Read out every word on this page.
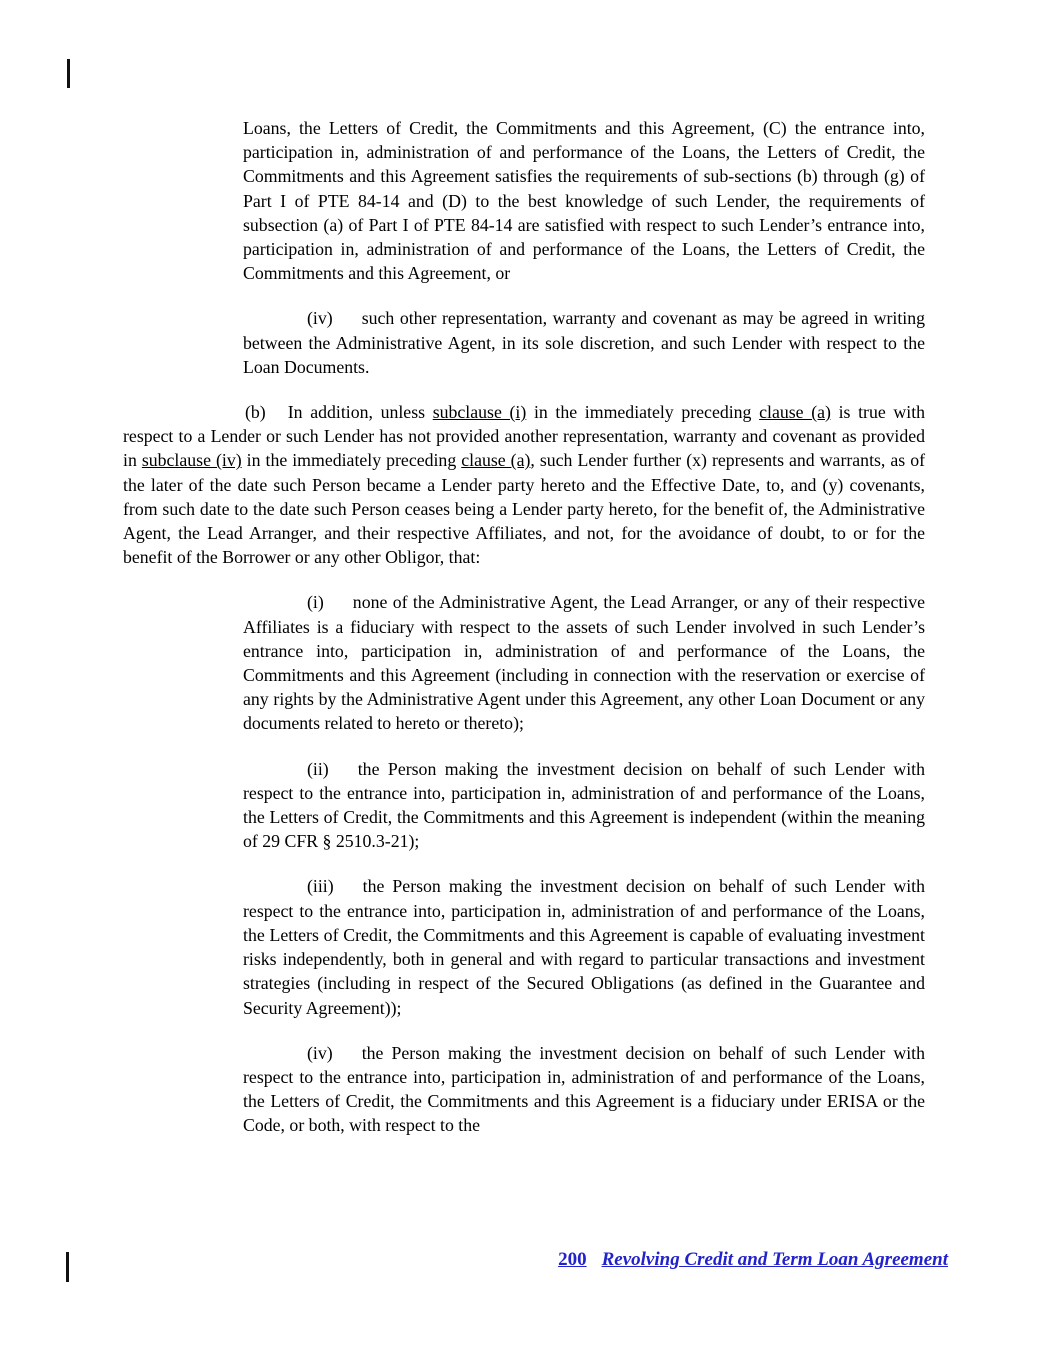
Loans, the Letters of Credit, the Commitments and this Agreement, (C) the entrance into, participation in, administration of and performance of the Loans, the Letters of Credit, the Commitments and this Agreement satisfies the requirements of sub-sections (b) through (g) of Part I of PTE 84-14 and (D) to the best knowledge of such Lender, the requirements of subsection (a) of Part I of PTE 84-14 are satisfied with respect to such Lender’s entrance into, participation in, administration of and performance of the Loans, the Letters of Credit, the Commitments and this Agreement, or

(iv) such other representation, warranty and covenant as may be agreed in writing between the Administrative Agent, in its sole discretion, and such Lender with respect to the Loan Documents.

(b) In addition, unless subclause (i) in the immediately preceding clause (a) is true with respect to a Lender or such Lender has not provided another representation, warranty and covenant as provided in subclause (iv) in the immediately preceding clause (a), such Lender further (x) represents and warrants, as of the later of the date such Person became a Lender party hereto and the Effective Date, to, and (y) covenants, from such date to the date such Person ceases being a Lender party hereto, for the benefit of, the Administrative Agent, the Lead Arranger, and their respective Affiliates, and not, for the avoidance of doubt, to or for the benefit of the Borrower or any other Obligor, that:

(i) none of the Administrative Agent, the Lead Arranger, or any of their respective Affiliates is a fiduciary with respect to the assets of such Lender involved in such Lender’s entrance into, participation in, administration of and performance of the Loans, the Commitments and this Agreement (including in connection with the reservation or exercise of any rights by the Administrative Agent under this Agreement, any other Loan Document or any documents related to hereto or thereto);

(ii) the Person making the investment decision on behalf of such Lender with respect to the entrance into, participation in, administration of and performance of the Loans, the Letters of Credit, the Commitments and this Agreement is independent (within the meaning of 29 CFR § 2510.3-21);

(iii) the Person making the investment decision on behalf of such Lender with respect to the entrance into, participation in, administration of and performance of the Loans, the Letters of Credit, the Commitments and this Agreement is capable of evaluating investment risks independently, both in general and with regard to particular transactions and investment strategies (including in respect of the Secured Obligations (as defined in the Guarantee and Security Agreement));

(iv) the Person making the investment decision on behalf of such Lender with respect to the entrance into, participation in, administration of and performance of the Loans, the Letters of Credit, the Commitments and this Agreement is a fiduciary under ERISA or the Code, or both, with respect to the

200 Revolving Credit and Term Loan Agreement
